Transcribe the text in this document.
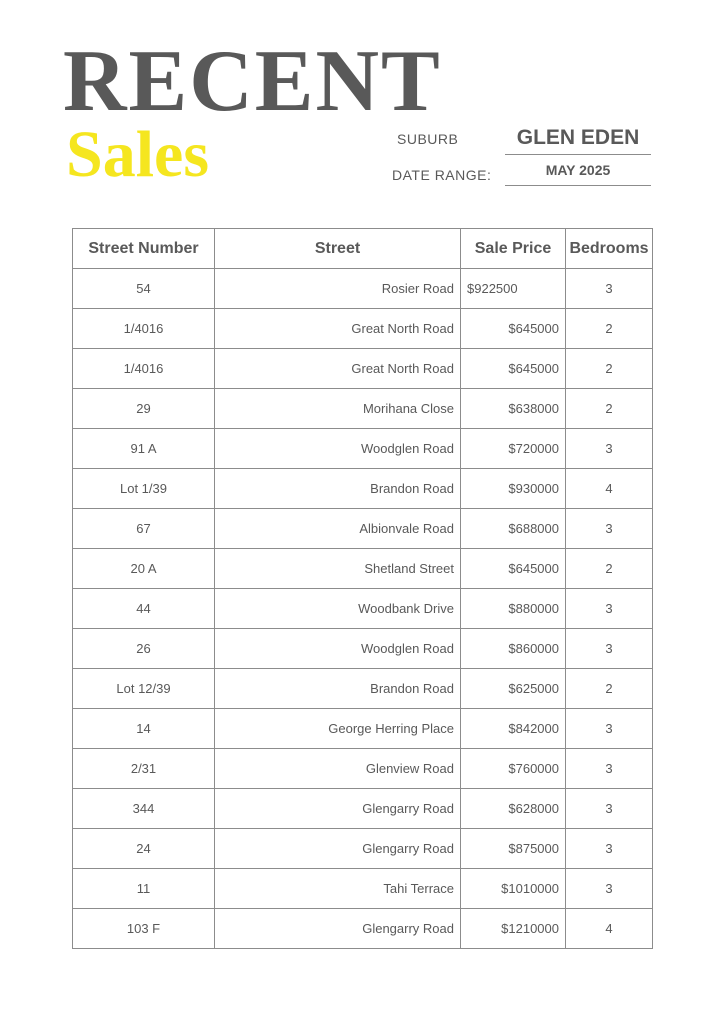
RECENT
Sales	SUBURB	GLEN EDEN
DATE RANGE:	MAY 2025
Street Number	Street	Sale Price	Bedrooms
54	Rosier Road	$922500	3
1/4016	Great North Road	$645000	2
1/4016	Great North Road	$645000	2
29	Morihana Close	$638000	2
91 A	Woodglen Road	$720000	3
Lot 1/39	Brandon Road	$930000	4
67	Albionvale Road	$688000	3
20 A	Shetland Street	$645000	2
44	Woodbank Drive	$880000	3
26	Woodglen Road	$860000	3
Lot 12/39	Brandon Road	$625000	2
14	George Herring Place	$842000	3
2/31	Glenview Road	$760000	3
344	Glengarry Road	$628000	3
24	Glengarry Road	$875000	3
11	Tahi Terrace	$1010000	3
103 F	Glengarry Road	$1210000	4
